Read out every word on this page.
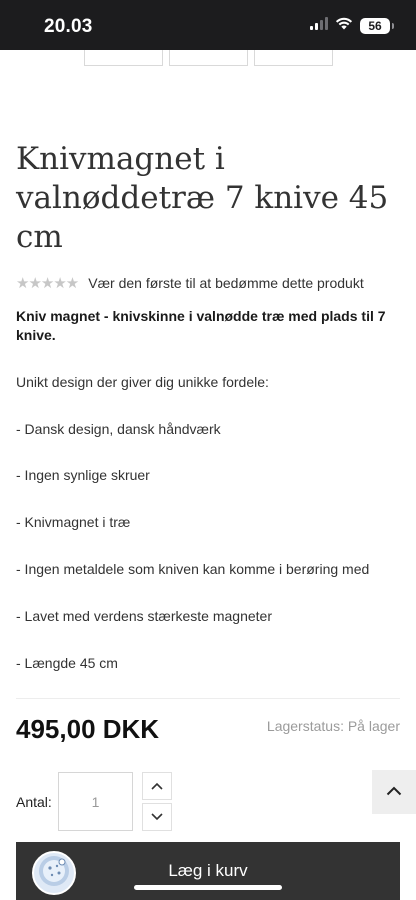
20.03	56
Knivmagnet i valnøddetræ 7 knive 45 cm
★★★★★ Vær den første til at bedømme dette produkt

Kniv magnet - knivskinne i valnødde træ med plads til 7 knive.

Unikt design der giver dig unikke fordele:

- Dansk design, dansk håndværk

- Ingen synlige skruer

- Knivmagnet i træ

- Ingen metaldele som kniven kan komme i berøring med

- Lavet med verdens stærkeste magneter

- Længde 45 cm

495,00 DKK	Lagerstatus: På lager
Antal:
1
Læg i kurv
